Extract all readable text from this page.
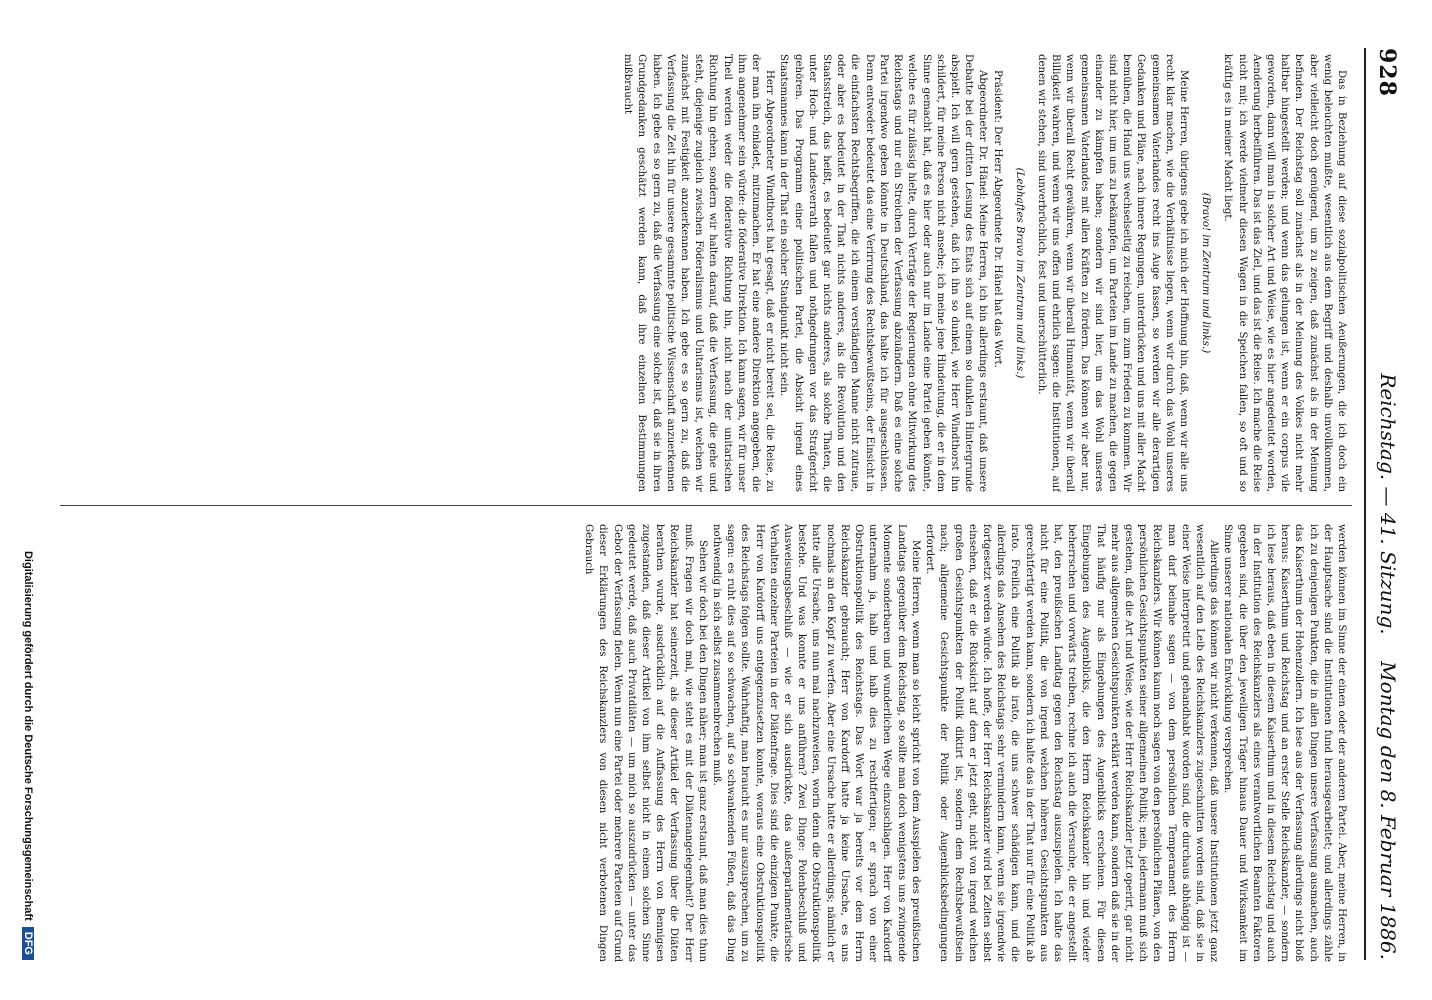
928
Reichstag. — 41. Sitzung.
Montag den 8. Februar 1886.

Das in Beziehung auf diese sozialpolitischen Aeußerungen, die ich doch ein wenig beleuchten mußte, wesentlich aus dem Begriff und deshalb unvollkommen, aber vielleicht doch genügend, um zu zeigen, daß zunächst als in der Meinung befinden. Der Reichstag soll zunächst als in der Meinung des Volkes nicht mehr haltbar hingestellt werden; und wenn das gelungen ist, wenn er ein corpus vile geworden, dann will man in solcher Art und Weise, wie es hier angedeutet worden, Aenderung herbeiführen. Das ist das Ziel, und das ist die Reise. Ich mache die Reise nicht mit; ich werde vielmehr diesen Wagen in die Speichen fallen, so oft und so kräftig es in meiner Macht liegt.

(Bravo! im Zentrum und links.)

Meine Herren, übrigens gebe ich mich der Hoffnung hin, daß, wenn wir alle uns recht klar machen, wie die Verhältnisse liegen, wenn wir durch das Wohl unseres gemeinsamen Vaterlandes recht ins Auge fassen, so werden wir alle derartigen Gedanken und Pläne, nach innere Regungen, unterdrücken und uns mit aller Macht bemühen, die Hand uns wechselseitig zu reichen, um zum Frieden zu kommen. Wir sind nicht hier, um uns zu bekämpfen, um Parteien im Lande zu machen, die gegen einander zu kämpfen haben; sondern wir sind hier, um das Wohl unseres gemeinsamen Vaterlandes mit allen Kräften zu fördern. Das können wir aber nur, wenn wir überall Recht gewähren, wenn wir überall Humanität, wenn wir überall Billigkeit wahren, und wenn wir uns offen und ehrlich sagen: die Institutionen, auf denen wir stehen, sind unverbrüchlich, fest und unerschütterlich.

(Lebhaftes Bravo im Zentrum und links.)

Präsident: Der Herr Abgeordnete Dr. Hänel hat das Wort.

Abgeordneter Dr. Hänel: Meine Herren, ich bin allerdings erstaunt, daß unsere Debatte bei der dritten Lesung des Etats sich auf einem so dunklen Hintergrunde abspielt. Ich will gern gestehen, daß ich ihn so dunkel, wie Herr Windthorst ihn schildert, für meine Person nicht ansehe; ich meine jene Hindeutung, die er in dem Sinne gemacht hat, daß es hier oder auch nur im Lande eine Partei geben könnte, welche es für zulässig hielte, durch Verträge der Regierungen ohne Mitwirkung des Reichstags und nur ein Streichen der Verfassung abzuändern. Daß es eine solche Partei irgendwo geben könnte in Deutschland, das halte ich für ausgeschlossen. Denn entweder bedeutet das eine Verirrung des Rechtsbewußtseins, der Einsicht in die einfachsten Rechtsbegriffen, die ich einem verständigen Manne nicht zutraue, oder aber es bedeutet in der That nichts anderes, als die Revolution und den Staatsstreich, das heißt, es bedeutet gar nichts anderes, als solche Thaten, die unter Hoch- und Landesverrath fallen und nothgedrungen vor das Strafgericht gehören. Das Programm einer politischen Partei, die Absicht irgend eines Staatsmannes kann in der That ein solcher Standpunkt nicht sein.

Herr Abgeordneter Windthorst hat gesagt, daß er nicht bereit sei, die Reise, zu der man ihn einladet, mitzumachen. Er hat eine andere Direktion angegeben, die ihm angenehmer sein würde: die föderative Direktion. Ich kann sagen, wir für unser Theil werden weder die föderative Richtung hin, nicht nach der unitarischen Richtung hin gehen, sondern wir halten darauf, daß die Verfassung, die gehe und steht, diejenige zugleich zwischen Föderalismus und Unitarismus ist, welchen wir zunächst mit Festigkeit anzuerkennen haben. Ich gebe es so gern zu, daß die Verfassung die Zeit hin für unsere gesammte politische Wissenschaft anzuerkennen haben. Ich gebe es so gern zu, daß die Verfassung eine solche ist, daß sie in ihren Grundgedanken geschätzt werden kann, daß ihre einzelnen Bestimmungen mißbraucht

werden können im Sinne der einen oder der anderen Partei. Aber, meine Herren, in der Hauptsache sind die Institutionen fund herausgearbeitet; und allerdings zähle ich zu denjenigen Punkten, die in allen Dingen unsere Verfassung ausmachen, auch das Kaiserthum der Hohenzollern. Ich lese aus der Verfassung allerdings nicht bloß heraus: Kaiserthum und Reichstag und an erster Stelle Reichskanzler, — sondern ich lese heraus, daß eben in diesem Kaiserthum und in diesem Reichstag und auch in der Institution des Reichskanzlers als eines verantwortlichen Beamten Faktoren gegeben sind, die über den jeweiligen Träger hinaus Dauer und Wirksamkeit im Sinne unserer nationalen Entwicklung versprechen.

Allerdings das können wir nicht verkennen, daß unsere Institutionen jetzt ganz wesentlich auf den Leib des Reichskanzlers zugeschnitten worden sind, daß sie in einer Weise interpretirt und gehandhabt worden sind, die durchaus abhängig ist — man darf beinahe sagen — von dem persönlichen Temperament des Herrn Reichskanzlers. Wir können kaum noch sagen von den persönlichen Plänen, von den persönlichen Gesichtspunkten seiner allgemeinen Politik; nein, jedermann muß sich gestehen, daß die Art und Weise, wie der Herr Reichskanzler jetzt operirt, gar nicht mehr aus allgemeinen Gesichtspunkten erklärt werden kann, sondern daß sie in der That häufig nur als Eingebungen des Augenblicks erscheinen. Für diesen Eingebungen des Augenblicks, die den Herrn Reichskanzler hin und wieder beherrschen und vorwärts treiben, rechne ich auch die Versuche, die er angestellt hat, den preußischen Landtag gegen den Reichstag auszuspielen. Ich halte das nicht für eine Politik, die von irgend welchen höheren Gesichtspunkten aus gerechtfertigt werden kann, sondern ich halte das in der That nur für eine Politik ab irato. Freilich eine Politik ab irato, die uns schwer schädigen kann, und die allerdings das Ansehen des Reichstags sehr vermindern kann, wenn sie irgendwie fortgesetzt werden würde. Ich hoffe, der Herr Reichskanzler wird bei Zeiten selbst einsehen, daß er die Rücksicht auf dem er jetzt geht, nicht von irgend welchen großen Gesichtspunkten der Politik diktirt ist, sondern dem Rechtsbewußtsein nach; allgemeine Gesichtspunkte der Politik oder Augenblicksbedingungen erfordert.

Meine Herren, wenn man so leicht spricht von dem Ausspielen des preußischen Landtags gegenüber dem Reichstag, so sollte man doch wenigstens uns zwingende Momente sonderbaren und wunderlichen Wege einzuschlagen. Herr von Kardorff unternahm ja, halb und halb dies zu rechtfertigen; er sprach von einer Obstruktionspolitik des Reichstags. Das Wort war ja bereits vor dem Herrn Reichskanzler gebraucht; Herr von Kardorff hatte ja keine Ursache, es uns nochmals an den Kopf zu werfen. Aber eine Ursache hatte er allerdings; nämlich er hatte alle Ursache, uns nun mal nachzuweisen, worin denn die Obstruktionspolitik bestehe. Und was konnte er uns anführen? Zwei Dinge: Polenbeschluß und Ausweisungsbeschluß — wie er sich ausdrückte, das außerparlamentarische Verhalten einzelner Parteien in der Diätenfrage. Dies sind die einzigen Punkte, die Herr von Kardorff uns entgegenzusetzen konnte, woraus eine Obstruktionspolitik des Reichstags folgen sollte. Wahrhaftig, man braucht es nur auszusprechen, um zu sagen: es ruht dies auf so schwachen, auf so schwankenden Füßen, daß das Ding nothwendig in sich selbst zusammenbrechen muß.

Sehen wir doch bei den Dingen näher; man ist ganz erstaunt, daß man dies thun muß. Fragen wir doch mal, wie steht es mit der Diätenangelegenheit? Der Herr Reichskanzler hat seinerzeit, als dieser Artikel der Verfassung über die Diäten berathen wurde, ausdrücklich auf die Auffassung des Herrn von Bennigsen zugestanden, daß dieser Artikel von ihm selbst nicht in einem solchen Sinne gedeutet werde, daß auch Privatdiäten — um mich so auszudrücken — unter das Gebot der Verfassung fielen. Wenn nun eine Partei oder mehrere Parteien auf Grund dieser Erklärungen des Reichskanzlers von diesen nicht verbotenen Dingen Gebrauch

Digitalisierung gefördert durch die Deutsche ForschungsgemeinschaftDFG
